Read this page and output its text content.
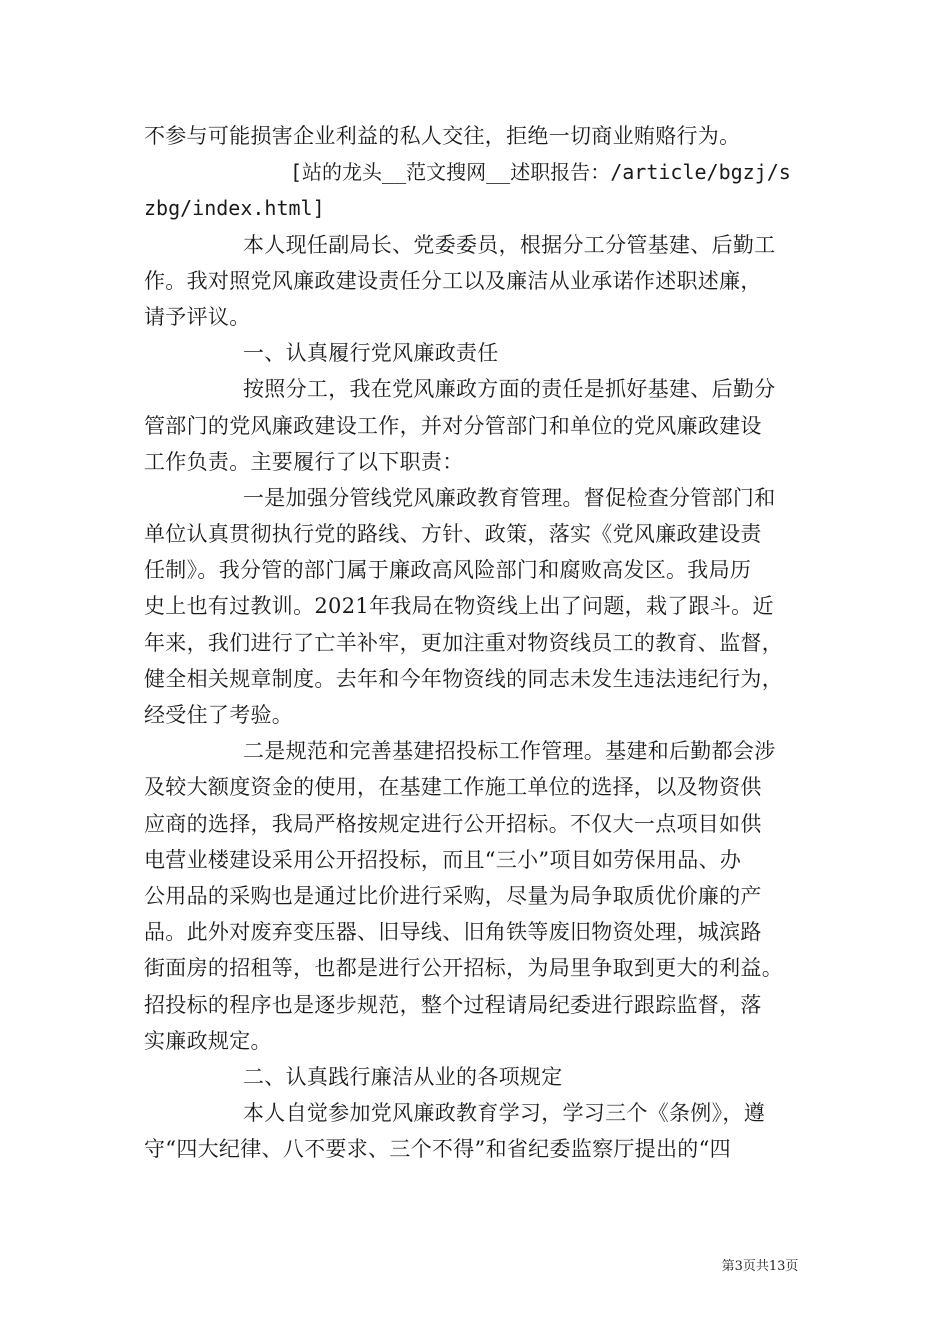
不参与可能损害企业利益的私人交往，拒绝一切商业贿赂行为。
[站的龙头__范文搜网__述职报告：/article/bgzj/s
zbg/index.html]
本人现任副局长、党委委员，根据分工分管基建、后勤工
作。我对照党风廉政建设责任分工以及廉洁从业承诺作述职述廉，
请予评议。
一、认真履行党风廉政责任
按照分工，我在党风廉政方面的责任是抓好基建、后勤分
管部门的党风廉政建设工作，并对分管部门和单位的党风廉政建设
工作负责。主要履行了以下职责：
一是加强分管线党风廉政教育管理。督促检查分管部门和
单位认真贯彻执行党的路线、方针、政策，落实《党风廉政建设责
任制》。我分管的部门属于廉政高风险部门和腐败高发区。我局历
史上也有过教训。2021年我局在物资线上出了问题，栽了跟斗。近
年来，我们进行了亡羊补牢，更加注重对物资线员工的教育、监督，
健全相关规章制度。去年和今年物资线的同志未发生违法违纪行为，
经受住了考验。
二是规范和完善基建招投标工作管理。基建和后勤都会涉
及较大额度资金的使用，在基建工作施工单位的选择，以及物资供
应商的选择，我局严格按规定进行公开招标。不仅大一点项目如供
电营业楼建设采用公开招投标，而且“三小”项目如劳保用品、办
公用品的采购也是通过比价进行采购，尽量为局争取质优价廉的产
品。此外对废弃变压器、旧导线、旧角铁等废旧物资处理，城滨路
街面房的招租等，也都是进行公开招标，为局里争取到更大的利益。
招投标的程序也是逐步规范，整个过程请局纪委进行跟踪监督，落
实廉政规定。
二、认真践行廉洁从业的各项规定
本人自觉参加党风廉政教育学习，学习三个《条例》，遵
守“四大纪律、八不要求、三个不得”和省纪委监察厅提出的“四
第3页共13页
